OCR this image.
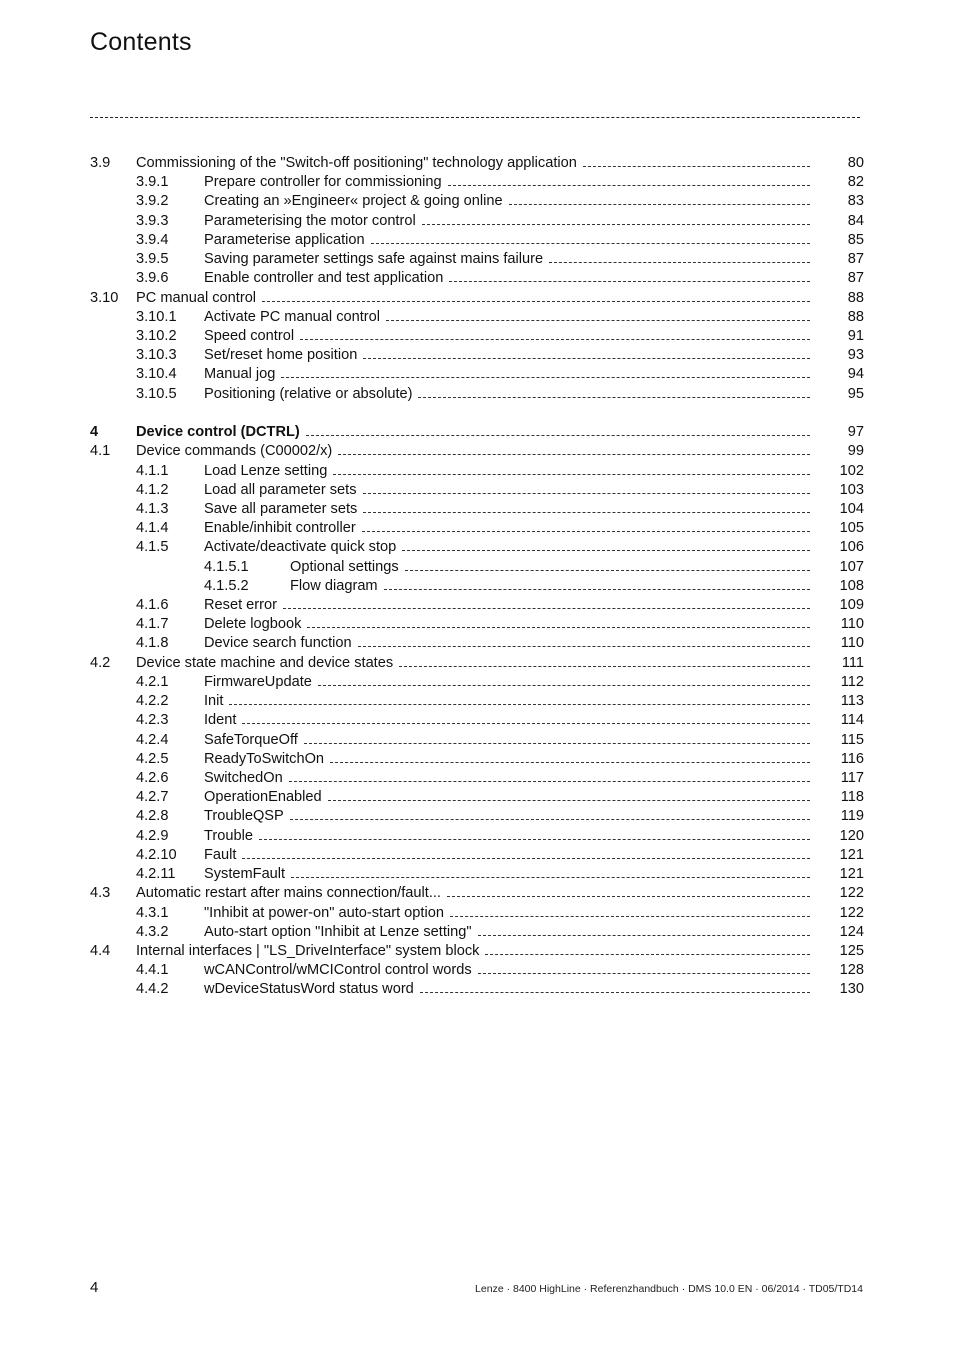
Contents
3.9 Commissioning of the "Switch-off positioning" technology application	80
3.9.1 Prepare controller for commissioning	82
3.9.2 Creating an »Engineer« project & going online	83
3.9.3 Parameterising the motor control	84
3.9.4 Parameterise application	85
3.9.5 Saving parameter settings safe against mains failure	87
3.9.6 Enable controller and test application	87
3.10 PC manual control	88
3.10.1 Activate PC manual control	88
3.10.2 Speed control	91
3.10.3 Set/reset home position	93
3.10.4 Manual jog	94
3.10.5 Positioning (relative or absolute)	95
4	Device control (DCTRL)	97
4.1 Device commands (C00002/x)	99
4.1.1 Load Lenze setting	102
4.1.2 Load all parameter sets	103
4.1.3 Save all parameter sets	104
4.1.4 Enable/inhibit controller	105
4.1.5 Activate/deactivate quick stop	106
4.1.5.1	Optional settings	107
4.1.5.2	Flow diagram	108
4.1.6 Reset error	109
4.1.7 Delete logbook	110
4.1.8 Device search function	110
4.2 Device state machine and device states	111
4.2.1 FirmwareUpdate	112
4.2.2 Init	113
4.2.3 Ident	114
4.2.4 SafeTorqueOff	115
4.2.5 ReadyToSwitchOn	116
4.2.6 SwitchedOn	117
4.2.7 OperationEnabled	118
4.2.8 TroubleQSP	119
4.2.9 Trouble	120
4.2.10 Fault	121
4.2.11 SystemFault	121
4.3 Automatic restart after mains connection/fault...	122
4.3.1 "Inhibit at power-on" auto-start option	122
4.3.2 Auto-start option "Inhibit at Lenze setting"	124
4.4 Internal interfaces | "LS_DriveInterface" system block	125
4.4.1 wCANControl/wMCIControl control words	128
4.4.2 wDeviceStatusWord status word	130
4	Lenze · 8400 HighLine · Referenzhandbuch · DMS 10.0 EN · 06/2014 · TD05/TD14
